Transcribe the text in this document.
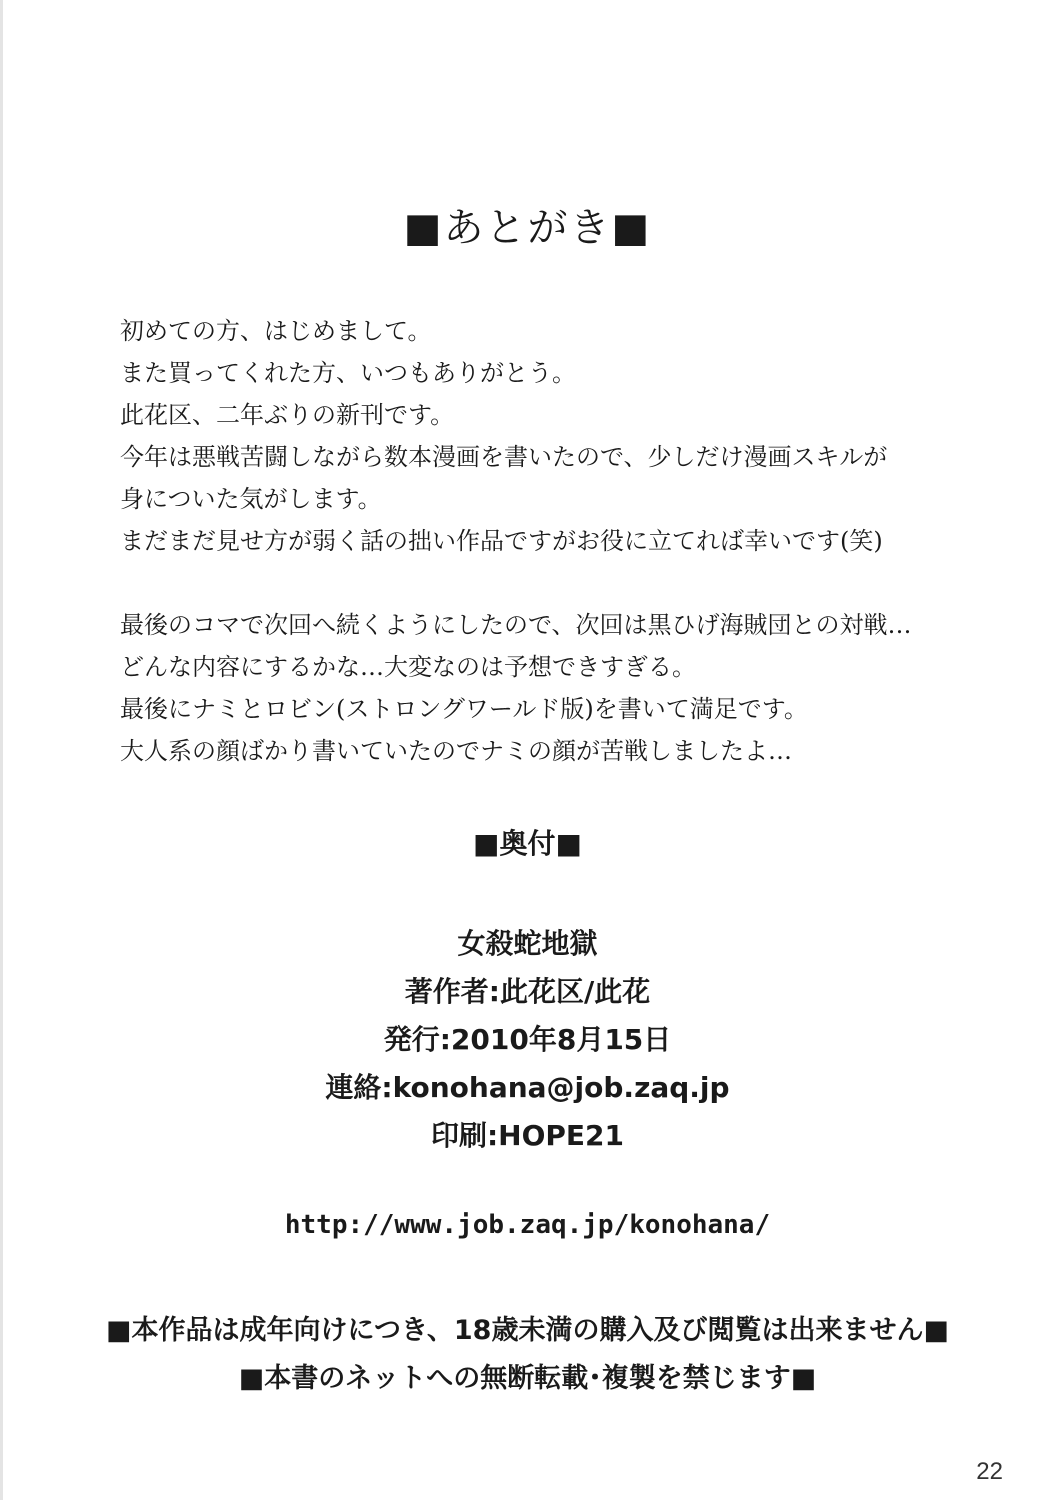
■あとがき■

初めての方、はじめまして。

また買ってくれた方、いつもありがとう。

此花区、二年ぶりの新刊です。

今年は悪戦苦闘しながら数本漫画を書いたので、少しだけ漫画スキルが

身についた気がします。

まだまだ見せ方が弱く話の拙い作品ですがお役に立てれば幸いです(笑)

最後のコマで次回へ続くようにしたので、次回は黒ひげ海賊団との対戦…

どんな内容にするかな…大変なのは予想できすぎる。

最後にナミとロビン(ストロングワールド版)を書いて満足です。

大人系の顔ばかり書いていたのでナミの顔が苦戦しましたよ…

■奥付■
女殺蛇地獄
著作者:此花区/此花
発行:2010年8月15日
連絡:konohana@job.zaq.jp
印刷:HOPE21
http://www.job.zaq.jp/konohana/
■本作品は成年向けにつき、18歳未満の購入及び閲覧は出来ません■
■本書のネットへの無断転載･複製を禁じます■
22
